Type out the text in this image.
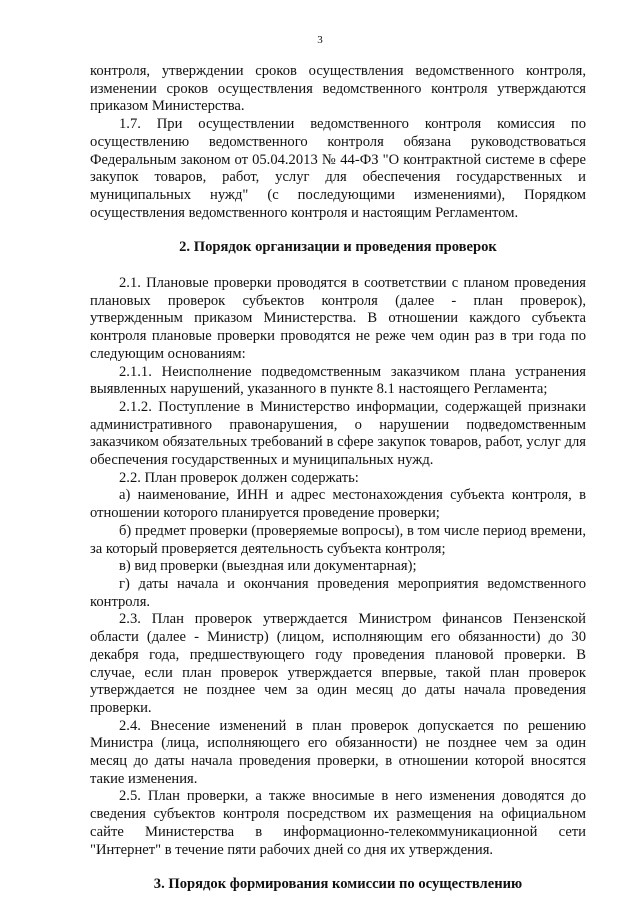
3

контроля, утверждении сроков осуществления ведомственного контроля, изменении сроков осуществления ведомственного контроля утверждаются приказом Министерства.

1.7. При осуществлении ведомственного контроля комиссия по осуществлению ведомственного контроля обязана руководствоваться Федеральным законом от 05.04.2013 № 44-ФЗ "О контрактной системе в сфере закупок товаров, работ, услуг для обеспечения государственных и муниципальных нужд" (с последующими изменениями), Порядком осуществления ведомственного контроля и настоящим Регламентом.

2. Порядок организации и проведения проверок

2.1. Плановые проверки проводятся в соответствии с планом проведения плановых проверок субъектов контроля (далее - план проверок), утвержденным приказом Министерства. В отношении каждого субъекта контроля плановые проверки проводятся не реже чем один раз в три года по следующим основаниям:

2.1.1. Неисполнение подведомственным заказчиком плана устранения выявленных нарушений, указанного в пункте 8.1 настоящего Регламента;

2.1.2. Поступление в Министерство информации, содержащей признаки административного правонарушения, о нарушении подведомственным заказчиком обязательных требований в сфере закупок товаров, работ, услуг для обеспечения государственных и муниципальных нужд.

2.2. План проверок должен содержать:

а) наименование, ИНН и адрес местонахождения субъекта контроля, в отношении которого планируется проведение проверки;

б) предмет проверки (проверяемые вопросы), в том числе период времени, за который проверяется деятельность субъекта контроля;

в) вид проверки (выездная или документарная);

г) даты начала и окончания проведения мероприятия ведомственного контроля.

2.3. План проверок утверждается Министром финансов Пензенской области (далее - Министр) (лицом, исполняющим его обязанности) до 30 декабря года, предшествующего году проведения плановой проверки. В случае, если план проверок утверждается впервые, такой план проверок утверждается не позднее чем за один месяц до даты начала проведения проверки.

2.4. Внесение изменений в план проверок допускается по решению Министра (лица, исполняющего его обязанности) не позднее чем за один месяц до даты начала проведения проверки, в отношении которой вносятся такие изменения.

2.5. План проверки, а также вносимые в него изменения доводятся до сведения субъектов контроля посредством их размещения на официальном сайте Министерства в информационно-телекоммуникационной сети "Интернет" в течение пяти рабочих дней со дня их утверждения.

3. Порядок формирования комиссии по осуществлению
